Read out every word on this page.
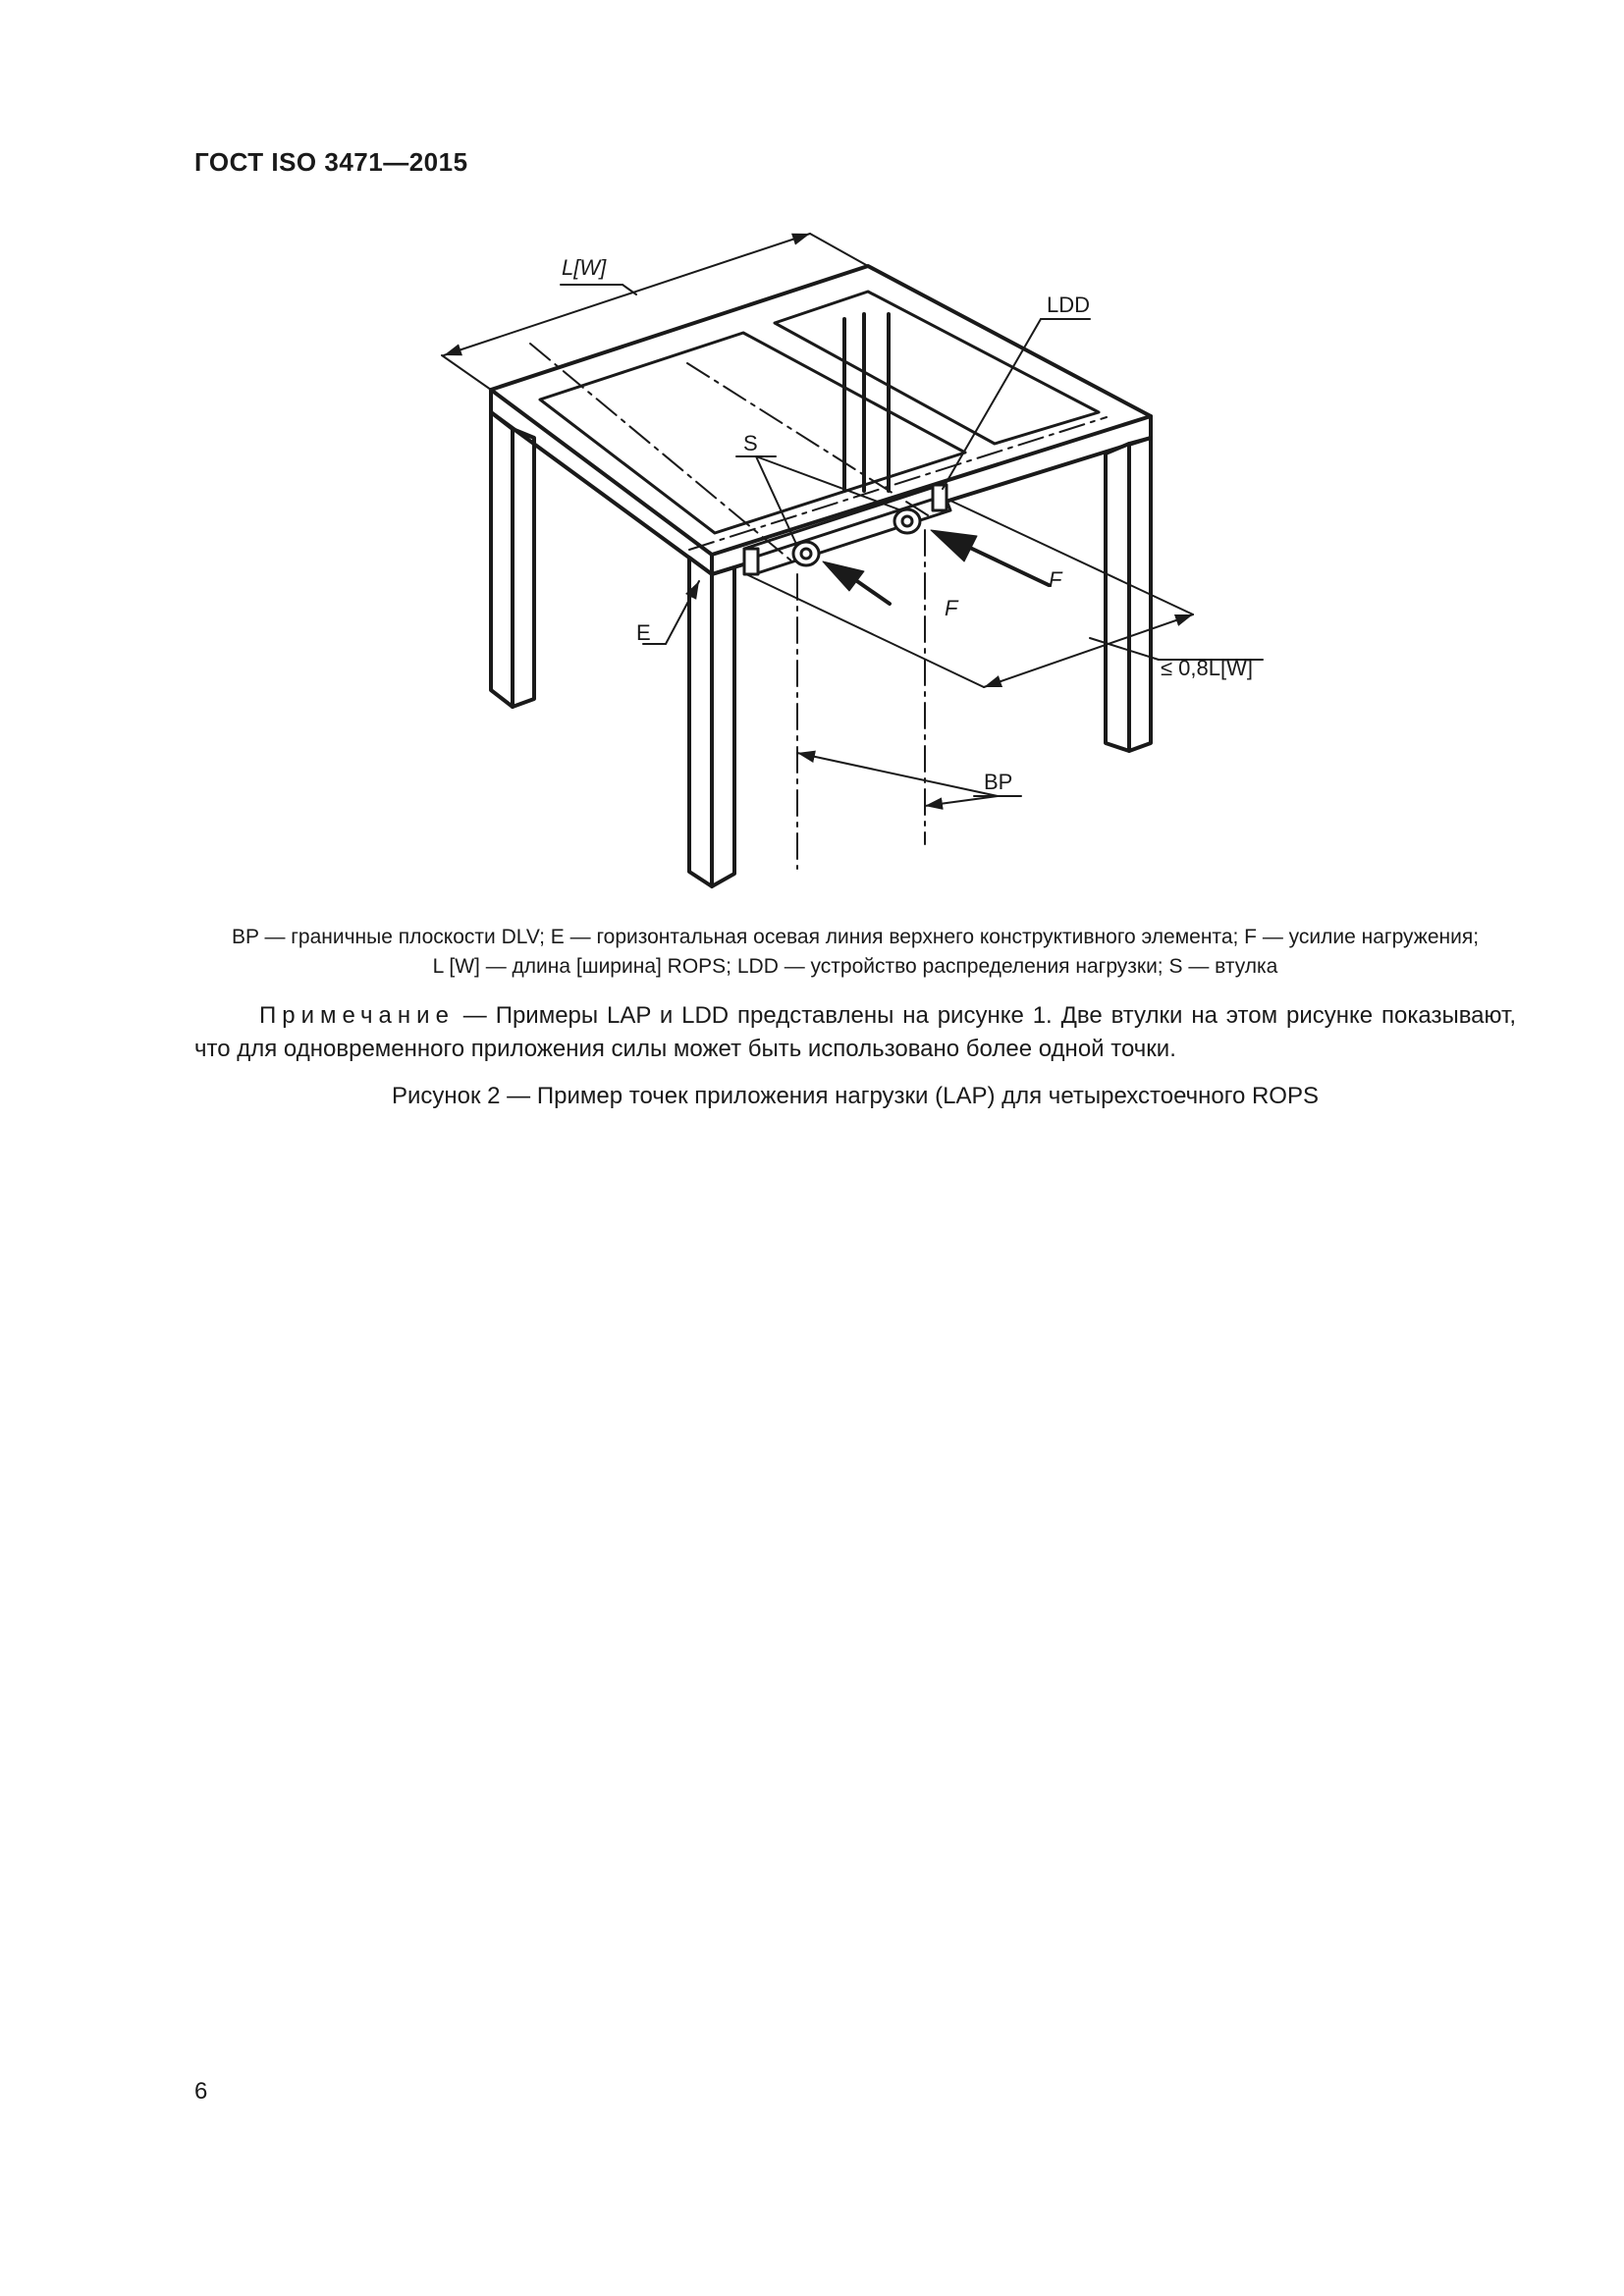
ГОСТ ISO 3471—2015
L[W]
LDD
S
F
F
E
BP
≤ 0,8L[W]
BP — граничные плоскости DLV; E — горизонтальная осевая линия верхнего конструктивного элемента; F — усилие нагружения;
L [W] — длина [ширина] ROPS; LDD — устройство распределения нагрузки; S — втулка
Примечание — Примеры LAP и LDD представлены на рисунке 1. Две втулки на этом рисунке показывают, что для одновременного приложения силы может быть использовано более одной точки.
Рисунок 2 — Пример точек приложения нагрузки (LAP) для четырехстоечного ROPS
6
